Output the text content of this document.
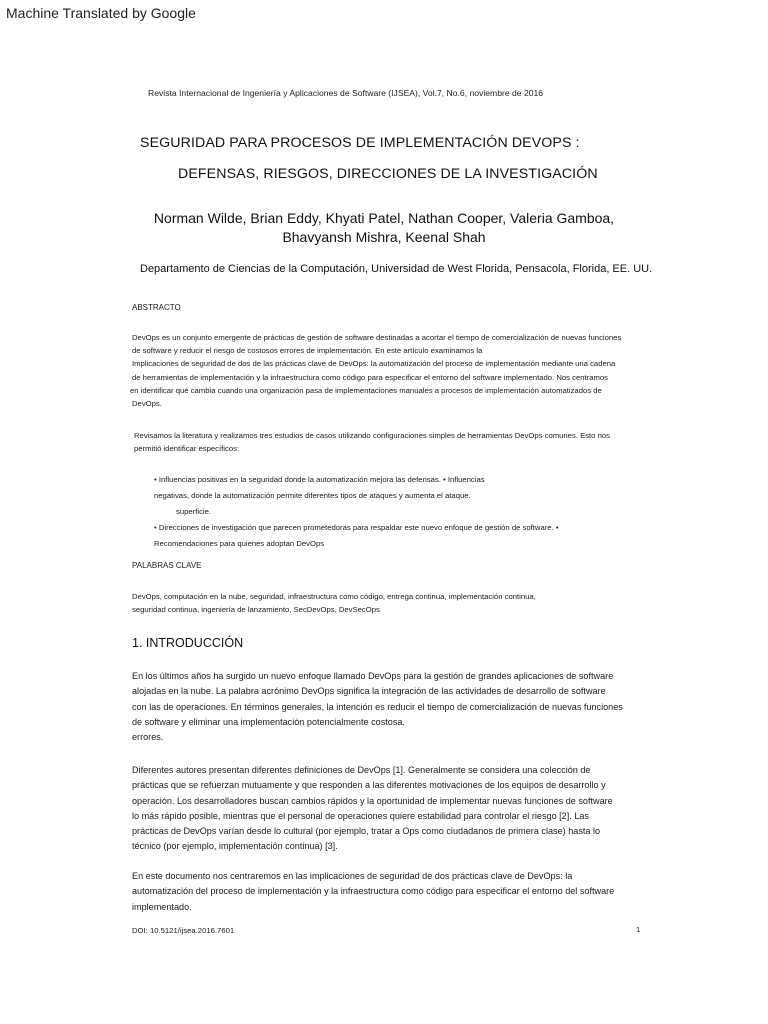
Machine Translated by Google
Revista Internacional de Ingeniería y Aplicaciones de Software (IJSEA), Vol.7, No.6, noviembre de 2016
SEGURIDAD PARA PROCESOS DE IMPLEMENTACIÓN DEVOPS :
DEFENSAS, RIESGOS, DIRECCIONES DE LA INVESTIGACIÓN
Norman Wilde, Brian Eddy, Khyati Patel, Nathan Cooper, Valeria Gamboa,
Bhavyansh Mishra, Keenal Shah
Departamento de Ciencias de la Computación, Universidad de West Florida, Pensacola, Florida, EE. UU.
ABSTRACTO
DevOps es un conjunto emergente de prácticas de gestión de software destinadas a acortar el tiempo de comercialización de nuevas funciones
de software y reducir el riesgo de costosos errores de implementación. En este artículo examinamos la
Implicaciones de seguridad de dos de las prácticas clave de DevOps: la automatización del proceso de implementación mediante una cadena
de herramientas de implementación y la infraestructura como código para especificar el entorno del software implementado. Nos centramos
en identificar qué cambia cuando una organización pasa de implementaciones manuales a procesos de implementación automatizados de
DevOps.
Revisamos la literatura y realizamos tres estudios de casos utilizando configuraciones simples de herramientas DevOps comunes. Esto nos
permitió identificar específicos:
• Influencias positivas en la seguridad donde la automatización mejora las defensas. • Influencias
negativas, donde la automatización permite diferentes tipos de ataques y aumenta el ataque.
superficie.
• Direcciones de investigación que parecen prometedoras para respaldar este nuevo enfoque de gestión de software. •
Recomendaciones para quienes adoptan DevOps
PALABRAS CLAVE
DevOps, computación en la nube, seguridad, infraestructura como código, entrega continua, implementación continua,
seguridad continua, ingeniería de lanzamiento, SecDevOps, DevSecOps
1. INTRODUCCIÓN
En los últimos años ha surgido un nuevo enfoque llamado DevOps para la gestión de grandes aplicaciones de software
alojadas en la nube. La palabra acrónimo DevOps significa la integración de las actividades de desarrollo de software
con las de operaciones. En términos generales, la intención es reducir el tiempo de comercialización de nuevas funciones
de software y eliminar una implementación potencialmente costosa.
errores.
Diferentes autores presentan diferentes definiciones de DevOps [1]. Generalmente se considera una colección de
prácticas que se refuerzan mutuamente y que responden a las diferentes motivaciones de los equipos de desarrollo y
operación. Los desarrolladores buscan cambios rápidos y la oportunidad de implementar nuevas funciones de software
lo más rápido posible, mientras que el personal de operaciones quiere estabilidad para controlar el riesgo [2]. Las
prácticas de DevOps varían desde lo cultural (por ejemplo, tratar a Ops como ciudadanos de primera clase) hasta lo
técnico (por ejemplo, implementación continua) [3].
En este documento nos centraremos en las implicaciones de seguridad de dos prácticas clave de DevOps: la
automatización del proceso de implementación y la infraestructura como código para especificar el entorno del software
implementado.
DOI: 10.5121/ijsea.2016.7601	1
